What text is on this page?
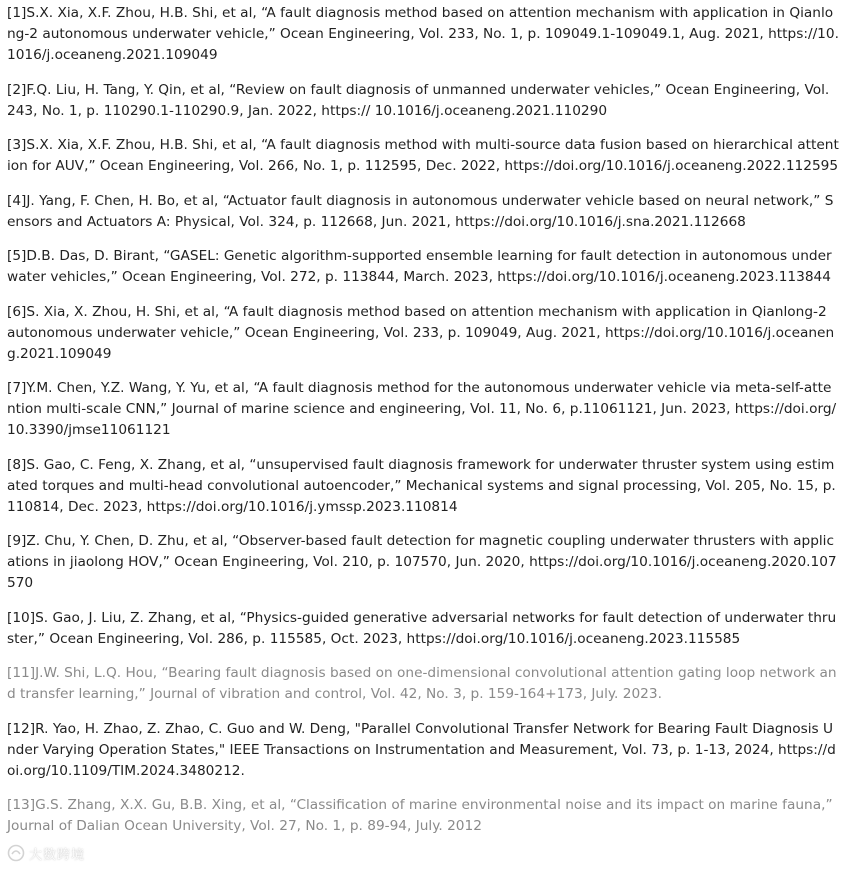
[1]S.X. Xia, X.F. Zhou, H.B. Shi, et al, “A fault diagnosis method based on attention mechanism with application in Qianlong-2 autonomous underwater vehicle,” Ocean Engineering, Vol. 233, No. 1, p. 109049.1-109049.1, Aug. 2021, https://10.1016/j.oceaneng.2021.109049

[2]F.Q. Liu, H. Tang, Y. Qin, et al, “Review on fault diagnosis of unmanned underwater vehicles,” Ocean Engineering, Vol. 243, No. 1, p. 110290.1-110290.9, Jan. 2022, https:// 10.1016/j.oceaneng.2021.110290

[3]S.X. Xia, X.F. Zhou, H.B. Shi, et al, “A fault diagnosis method with multi-source data fusion based on hierarchical attention for AUV,” Ocean Engineering, Vol. 266, No. 1, p. 112595, Dec. 2022, https://doi.org/10.1016/j.oceaneng.2022.112595

[4]J. Yang, F. Chen, H. Bo, et al, “Actuator fault diagnosis in autonomous underwater vehicle based on neural network,” Sensors and Actuators A: Physical, Vol. 324, p. 112668, Jun. 2021, https://doi.org/10.1016/j.sna.2021.112668

[5]D.B. Das, D. Birant, “GASEL: Genetic algorithm-supported ensemble learning for fault detection in autonomous underwater vehicles,” Ocean Engineering, Vol. 272, p. 113844, March. 2023, https://doi.org/10.1016/j.oceaneng.2023.113844

[6]S. Xia, X. Zhou, H. Shi, et al, “A fault diagnosis method based on attention mechanism with application in Qianlong-2 autonomous underwater vehicle,” Ocean Engineering, Vol. 233, p. 109049, Aug. 2021, https://doi.org/10.1016/j.oceaneng.2021.109049

[7]Y.M. Chen, Y.Z. Wang, Y. Yu, et al, “A fault diagnosis method for the autonomous underwater vehicle via meta-self-attention multi-scale CNN,” Journal of marine science and engineering, Vol. 11, No. 6, p.11061121, Jun. 2023, https://doi.org/10.3390/jmse11061121

[8]S. Gao, C. Feng, X. Zhang, et al, “unsupervised fault diagnosis framework for underwater thruster system using estimated torques and multi-head convolutional autoencoder,” Mechanical systems and signal processing, Vol. 205, No. 15, p.110814, Dec. 2023, https://doi.org/10.1016/j.ymssp.2023.110814

[9]Z. Chu, Y. Chen, D. Zhu, et al, “Observer-based fault detection for magnetic coupling underwater thrusters with applications in jiaolong HOV,” Ocean Engineering, Vol. 210, p. 107570, Jun. 2020, https://doi.org/10.1016/j.oceaneng.2020.107570

[10]S. Gao, J. Liu, Z. Zhang, et al, “Physics-guided generative adversarial networks for fault detection of underwater thruster,” Ocean Engineering, Vol. 286, p. 115585, Oct. 2023, https://doi.org/10.1016/j.oceaneng.2023.115585

[11]J.W. Shi, L.Q. Hou, “Bearing fault diagnosis based on one-dimensional convolutional attention gating loop network and transfer learning,” Journal of vibration and control, Vol. 42, No. 3, p. 159-164+173, July. 2023.

[12]R. Yao, H. Zhao, Z. Zhao, C. Guo and W. Deng, "Parallel Convolutional Transfer Network for Bearing Fault Diagnosis Under Varying Operation States," IEEE Transactions on Instrumentation and Measurement, Vol. 73, p. 1-13, 2024, https://doi.org/10.1109/TIM.2024.3480212.

[13]G.S. Zhang, X.X. Gu, B.B. Xing, et al, “Classification of marine environmental noise and its impact on marine fauna,” Journal of Dalian Ocean University, Vol. 27, No. 1, p. 89-94, July. 2012

大数跨境
